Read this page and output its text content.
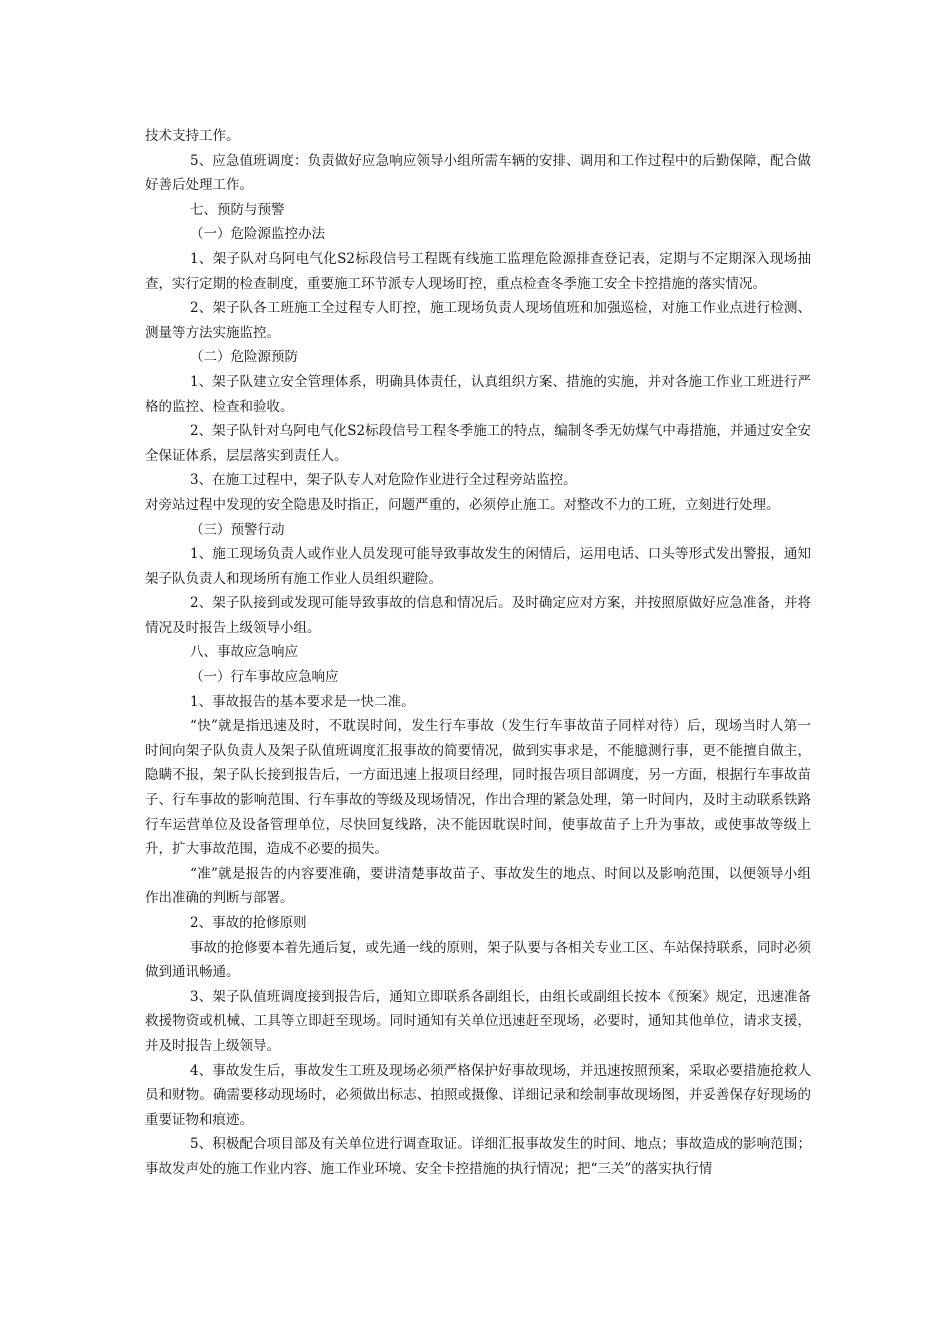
技术支持工作。

5、应急值班调度：负责做好应急响应领导小组所需车辆的安排、调用和工作过程中的后勤保障，配合做好善后处理工作。

七、预防与预警

（一）危险源监控办法

1、架子队对乌阿电气化S2标段信号工程既有线施工监理危险源排查登记表，定期与不定期深入现场抽查，实行定期的检查制度，重要施工环节派专人现场盯控，重点检查冬季施工安全卡控措施的落实情况。

2、架子队各工班施工全过程专人盯控，施工现场负责人现场值班和加强巡检，对施工作业点进行检测、测量等方法实施监控。

（二）危险源预防

1、架子队建立安全管理体系，明确具体责任，认真组织方案、措施的实施，并对各施工作业工班进行严格的监控、检查和验收。

2、架子队针对乌阿电气化S2标段信号工程冬季施工的特点，编制冬季无妨煤气中毒措施，并通过安全安全保证体系，层层落实到责任人。

3、在施工过程中，架子队专人对危险作业进行全过程旁站监控。

对旁站过程中发现的安全隐患及时指正，问题严重的，必须停止施工。对整改不力的工班，立刻进行处理。

（三）预警行动

1、施工现场负责人或作业人员发现可能导致事故发生的闲情后，运用电话、口头等形式发出警报，通知架子队负责人和现场所有施工作业人员组织避险。

2、架子队接到或发现可能导致事故的信息和情况后。及时确定应对方案，并按照原做好应急准备，并将情况及时报告上级领导小组。

八、事故应急响应

（一）行车事故应急响应

1、事故报告的基本要求是一快二准。

“快”就是指迅速及时，不耽误时间，发生行车事故（发生行车事故苗子同样对待）后，现场当时人第一时间向架子队负责人及架子队值班调度汇报事故的简要情况，做到实事求是，不能臆测行事，更不能擅自做主，隐瞒不报，架子队长接到报告后，一方面迅速上报项目经理，同时报告项目部调度，另一方面，根据行车事故苗子、行车事故的影响范围、行车事故的等级及现场情况，作出合理的紧急处理，第一时间内，及时主动联系铁路行车运营单位及设备管理单位，尽快回复线路，决不能因耽误时间，使事故苗子上升为事故，或使事故等级上升，扩大事故范围，造成不必要的损失。

“准”就是报告的内容要准确，要讲清楚事故苗子、事故发生的地点、时间以及影响范围，以便领导小组作出准确的判断与部署。

2、事故的抢修原则

事故的抢修要本着先通后复，或先通一线的原则，架子队要与各相关专业工区、车站保持联系，同时必须做到通讯畅通。

3、架子队值班调度接到报告后，通知立即联系各副组长，由组长或副组长按本《预案》规定，迅速准备救援物资或机械、工具等立即赶至现场。同时通知有关单位迅速赶至现场，必要时，通知其他单位，请求支援，并及时报告上级领导。

4、事故发生后，事故发生工班及现场必须严格保护好事故现场，并迅速按照预案，采取必要措施抢救人员和财物。确需要移动现场时，必须做出标志、拍照或摄像、详细记录和绘制事故现场图，并妥善保存好现场的重要证物和痕迹。

5、积极配合项目部及有关单位进行调查取证。详细汇报事故发生的时间、地点；事故造成的影响范围；事故发声处的施工作业内容、施工作业环境、安全卡控措施的执行情况；把“三关”的落实执行情
